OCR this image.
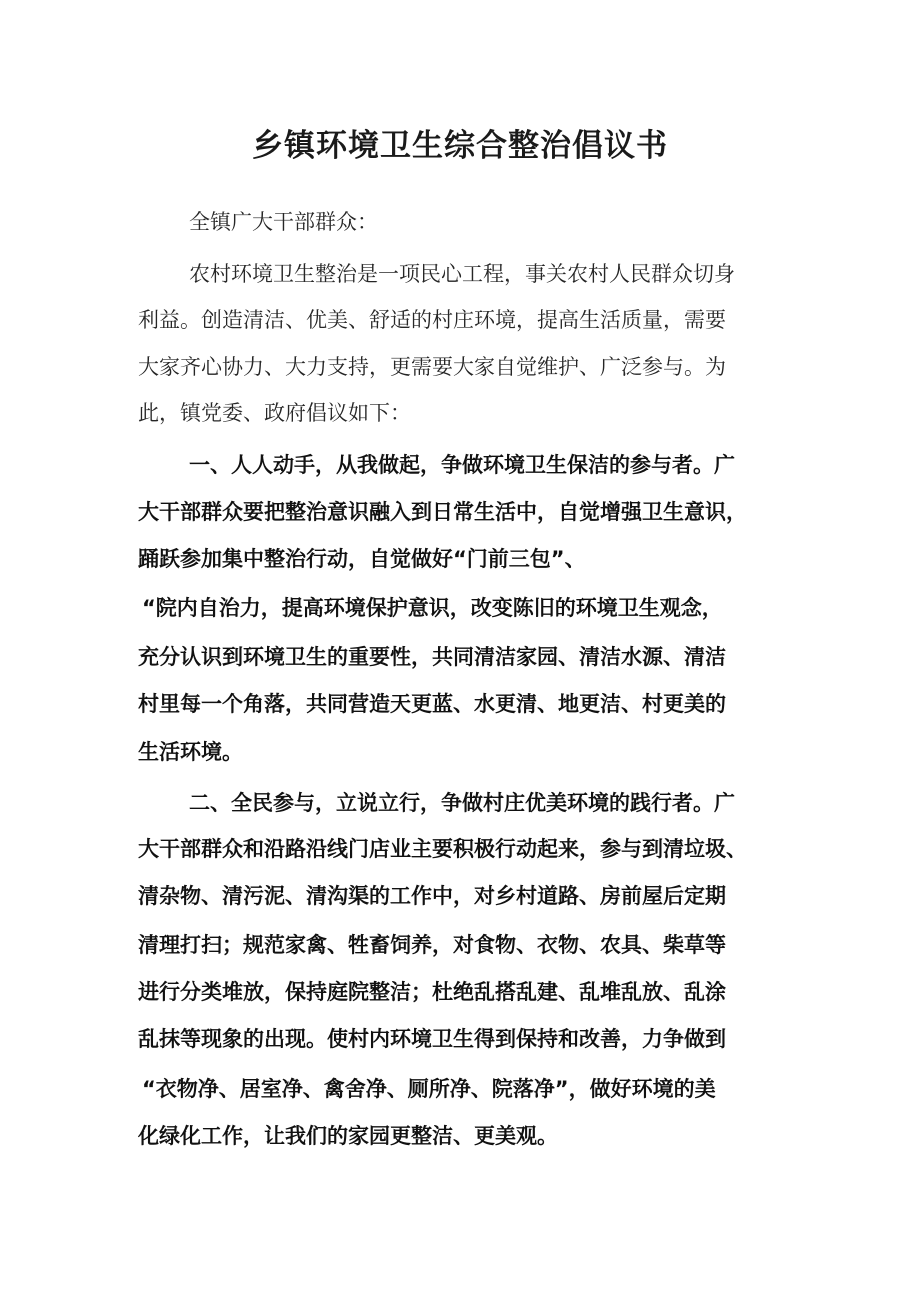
乡镇环境卫生综合整治倡议书
全镇广大干部群众：
农村环境卫生整治是一项民心工程，事关农村人民群众切身
利益。创造清洁、优美、舒适的村庄环境，提高生活质量，需要
大家齐心协力、大力支持，更需要大家自觉维护、广泛参与。为
此，镇党委、政府倡议如下：
一、人人动手，从我做起，争做环境卫生保洁的参与者。广
大干部群众要把整治意识融入到日常生活中，自觉增强卫生意识，
踊跃参加集中整治行动，自觉做好“门前三包”、
“院内自治力，提高环境保护意识，改变陈旧的环境卫生观念，
充分认识到环境卫生的重要性，共同清洁家园、清洁水源、清洁
村里每一个角落，共同营造天更蓝、水更清、地更洁、村更美的
生活环境。
二、全民参与，立说立行，争做村庄优美环境的践行者。广
大干部群众和沿路沿线门店业主要积极行动起来，参与到清垃圾、
清杂物、清污泥、清沟渠的工作中，对乡村道路、房前屋后定期
清理打扫；规范家禽、牲畜饲养，对食物、衣物、农具、柴草等
进行分类堆放，保持庭院整洁；杜绝乱搭乱建、乱堆乱放、乱涂
乱抹等现象的出现。使村内环境卫生得到保持和改善，力争做到
“衣物净、居室净、禽舍净、厕所净、院落净”，做好环境的美
化绿化工作，让我们的家园更整洁、更美观。
